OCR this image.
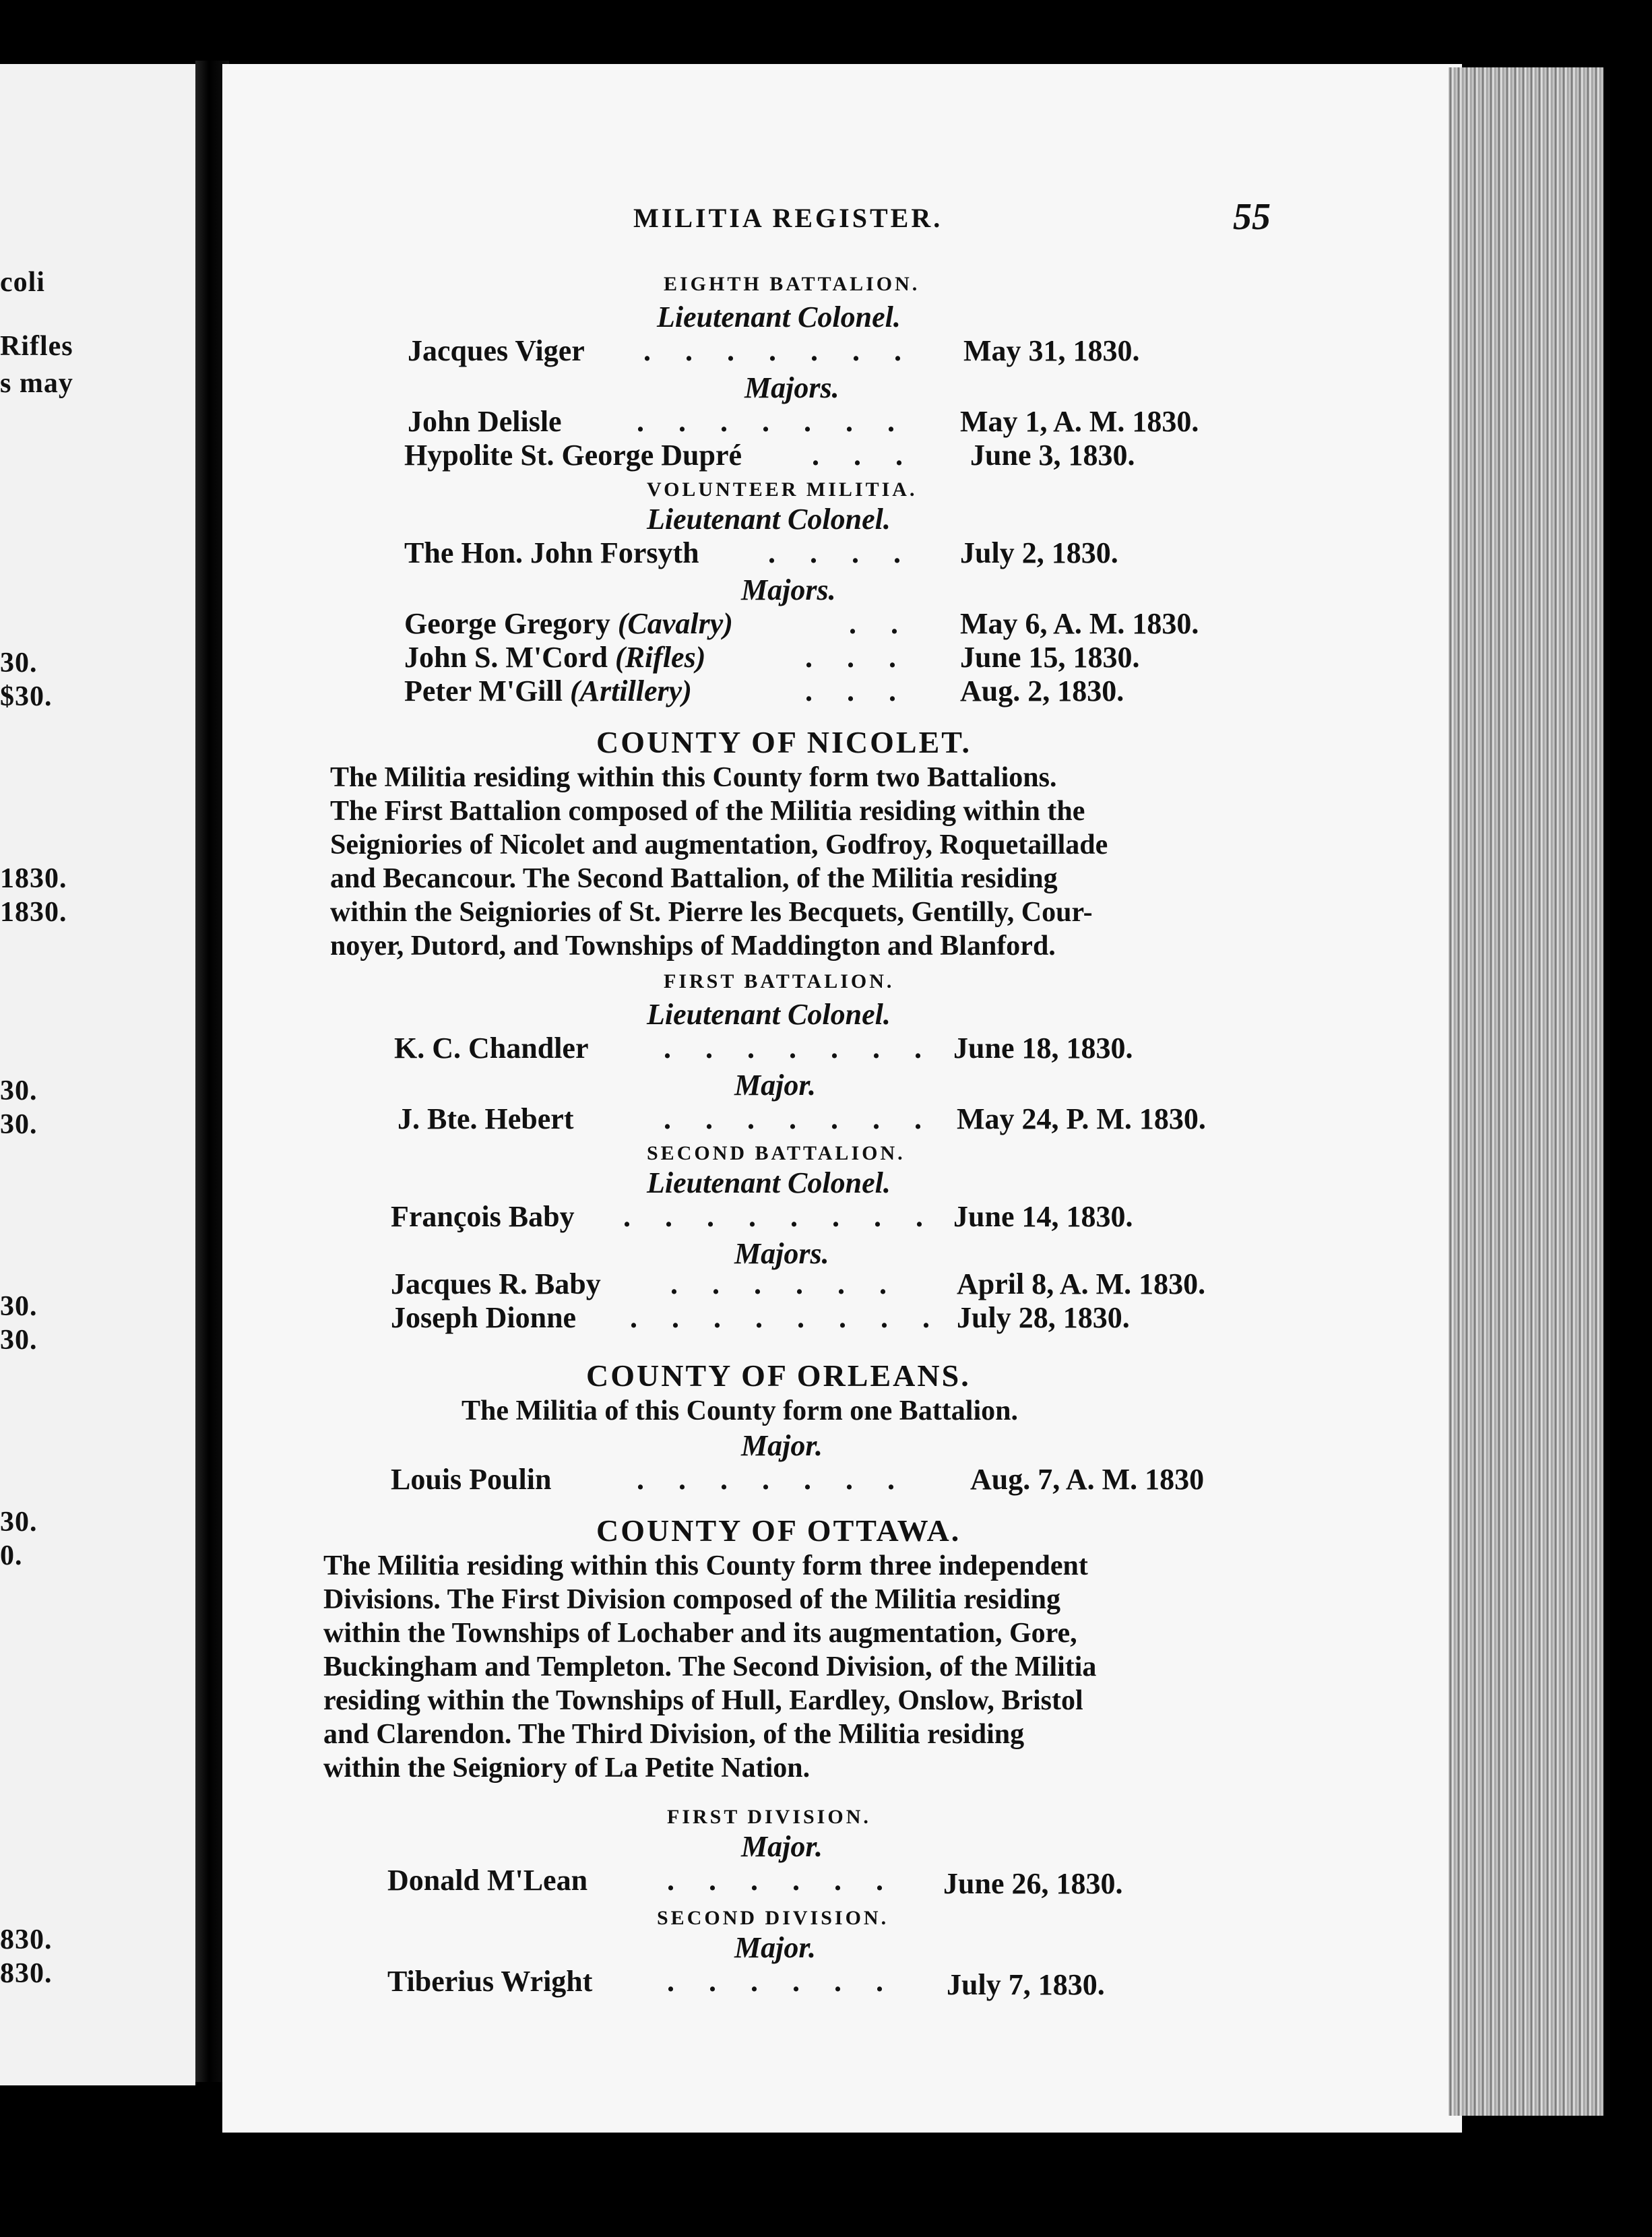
coli
Rifles
s may
30.
$30.
1830.
1830.
30.
30.
30.
30.
30.
0.
830.
830.
MILITIA REGISTER.	55
EIGHTH BATTALION.
Lieutenant Colonel.
Jacques Viger . . . . . . . May 31, 1830.
Majors.
John Delisle	. . . . . . . May 1, A. M. 1830.
Hypolite St. George Dupré . . . June 3, 1830.
VOLUNTEER MILITIA.
Lieutenant Colonel.
The Hon. John Forsyth . . . . July 2, 1830.
Majors.
George Gregory (Cavalry)	. . May 6, A. M. 1830.
John S. M'Cord (Rifles)	. . . June 15, 1830.
Peter M'Gill (Artillery)	. . . Aug. 2, 1830.
COUNTY OF NICOLET.
The Militia residing within this County form two Battalions.
The First Battalion composed of the Militia residing within the
Seigniories of Nicolet and augmentation, Godfroy, Roquetaillade
and Becancour. The Second Battalion, of the Militia residing
within the Seigniories of St. Pierre les Becquets, Gentilly, Cour-
noyer, Dutord, and Townships of Maddington and Blanford.
FIRST BATTALION.
Lieutenant Colonel.
K. C. Chandler	. . . . . . . June 18, 1830.
Major.
J. Bte. Hebert	. . . . . . . May 24, P. M. 1830.
SECOND BATTALION.
Lieutenant Colonel.
François Baby . . . . . . . . June 14, 1830.
Majors.
Jacques R. Baby . . . . . . April 8, A. M. 1830.
Joseph Dionne . . . . . . . . July 28, 1830.
COUNTY OF ORLEANS.
The Militia of this County form one Battalion.
Major.
Louis Poulin	. . . . . . . Aug. 7, A. M. 1830
COUNTY OF OTTAWA.
The Militia residing within this County form three independent
Divisions. The First Division composed of the Militia residing
within the Townships of Lochaber and its augmentation, Gore,
Buckingham and Templeton. The Second Division, of the Militia
residing within the Townships of Hull, Eardley, Onslow, Bristol
and Clarendon. The Third Division, of the Militia residing
within the Seigniory of La Petite Nation.
FIRST DIVISION.
Major.
Donald M'Lean	. . . . . . June 26, 1830.
SECOND DIVISION.
Major.
Tiberius Wright	. . . . . . July 7, 1830.
